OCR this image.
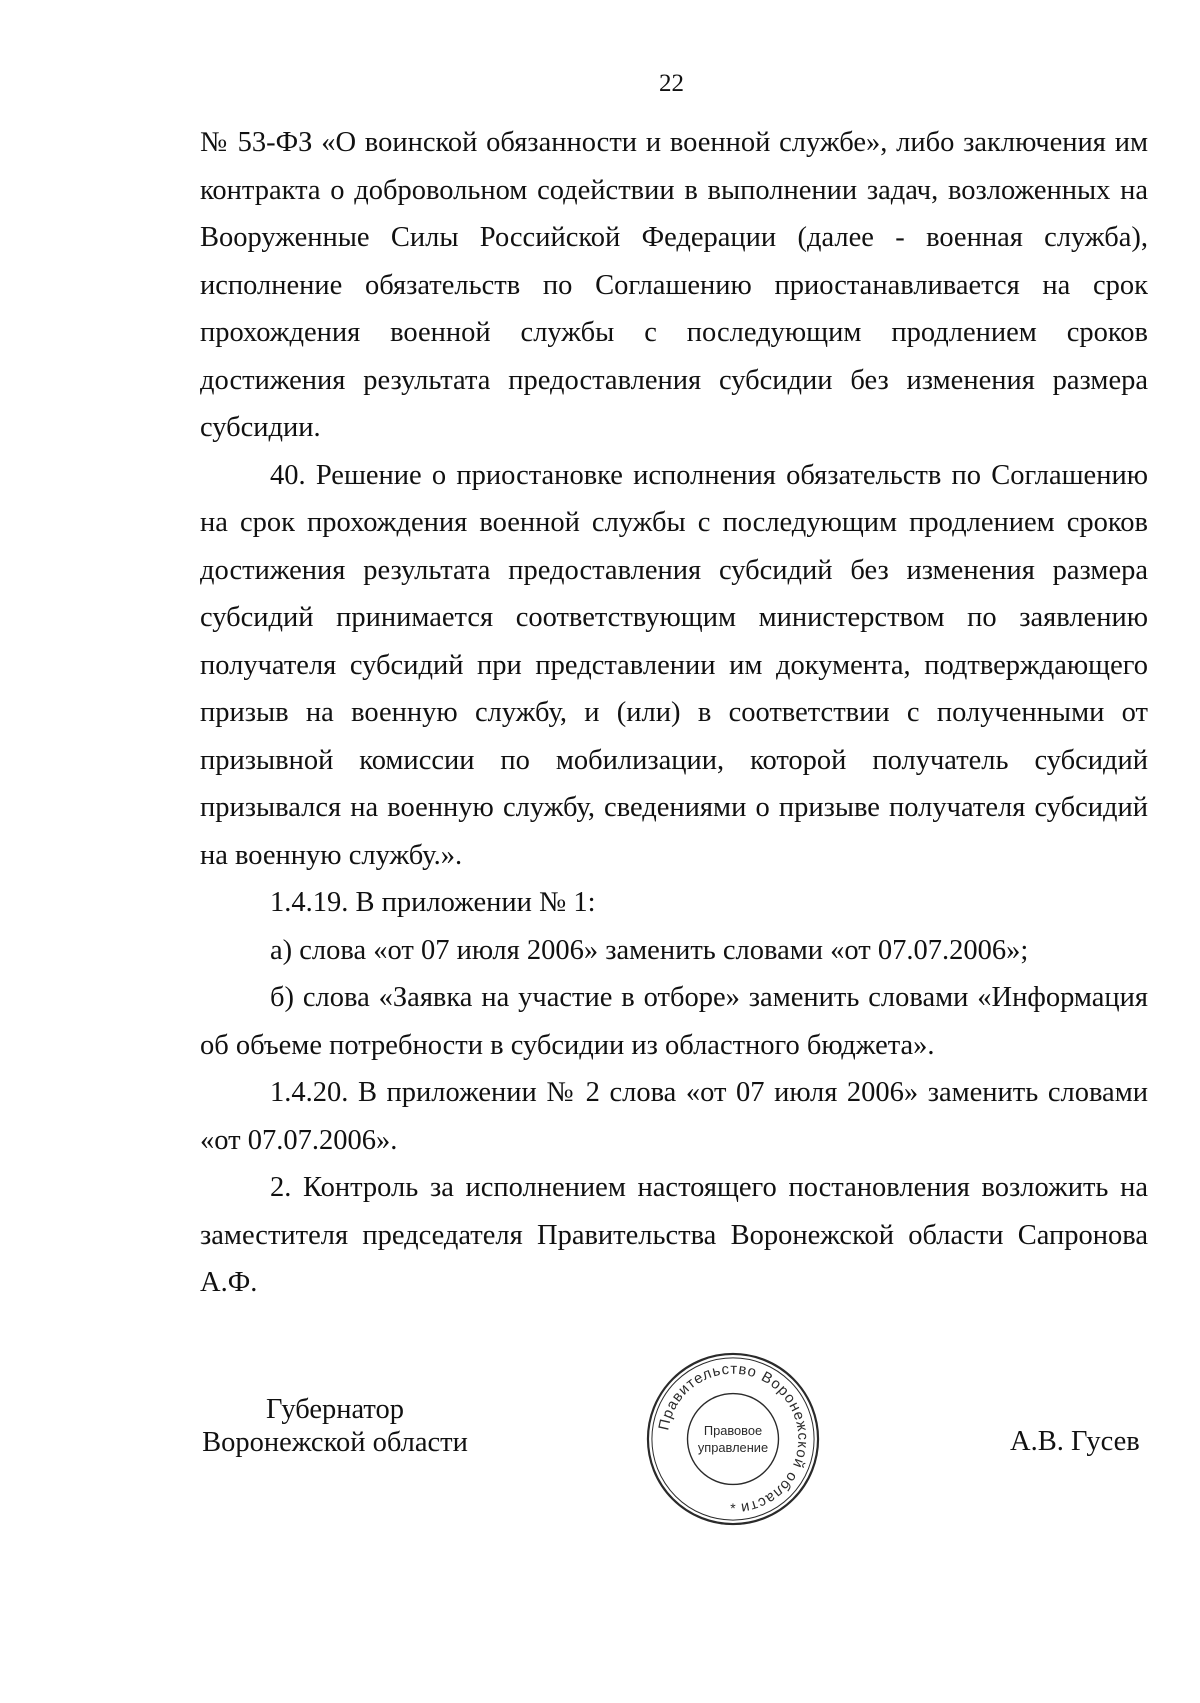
22

№ 53-ФЗ «О воинской обязанности и военной службе», либо заключения им контракта о добровольном содействии в выполнении задач, возложенных на Вооруженные Силы Российской Федерации (далее - военная служба), исполнение обязательств по Соглашению приостанавливается на срок прохождения военной службы с последующим продлением сроков достижения результата предоставления субсидии без изменения размера субсидии.

40. Решение о приостановке исполнения обязательств по Соглашению на срок прохождения военной службы с последующим продлением сроков достижения результата предоставления субсидий без изменения размера субсидий принимается соответствующим министерством по заявлению получателя субсидий при представлении им документа, подтверждающего призыв на военную службу, и (или) в соответствии с полученными от призывной комиссии по мобилизации, которой получатель субсидий призывался на военную службу, сведениями о призыве получателя субсидий на военную службу.».

1.4.19. В приложении № 1:

а) слова «от 07 июля 2006» заменить словами «от 07.07.2006»;

б) слова «Заявка на участие в отборе» заменить словами «Информация об объеме потребности в субсидии из областного бюджета».

1.4.20. В приложении № 2 слова «от 07 июля 2006» заменить словами «от 07.07.2006».

2. Контроль за исполнением настоящего постановления возложить на заместителя председателя Правительства Воронежской области Сапронова А.Ф.

Губернатор
Воронежской области
Правительство Воронежской области
Правовое
управление
*
А.В. Гусев
